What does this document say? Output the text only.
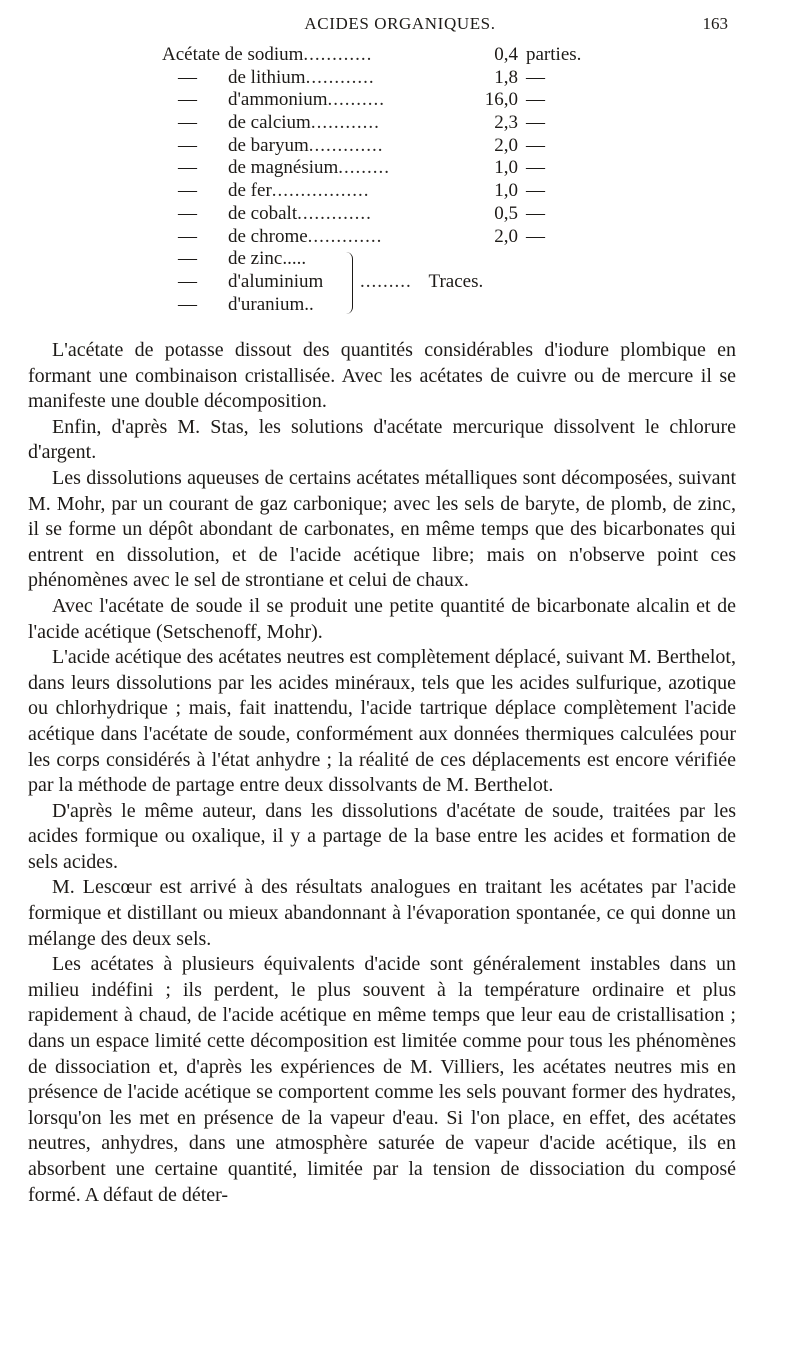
ACIDES ORGANIQUES.	163
Acétate de sodium............	0,4 parties.
— de lithium............	1,8 —
— d'ammonium..........	16,0 —
— de calcium............	2,3 —
— de baryum.............	2,0 —
— de magnésium.........	1,0 —
— de fer.................	1,0 —
— de cobalt.............	0,5 —
— de chrome.............	2,0 —
— de zinc.....
— d'aluminium
— d'uranium..
......... Traces.

L'acétate de potasse dissout des quantités considérables d'iodure plombique en formant une combinaison cristallisée. Avec les acétates de cuivre ou de mercure il se manifeste une double décomposition.

Enfin, d'après M. Stas, les solutions d'acétate mercurique dissolvent le chlorure d'argent.

Les dissolutions aqueuses de certains acétates métalliques sont décomposées, suivant M. Mohr, par un courant de gaz carbonique; avec les sels de baryte, de plomb, de zinc, il se forme un dépôt abondant de carbonates, en même temps que des bicarbonates qui entrent en dissolution, et de l'acide acétique libre; mais on n'observe point ces phénomènes avec le sel de strontiane et celui de chaux.

Avec l'acétate de soude il se produit une petite quantité de bicarbonate alcalin et de l'acide acétique (Setschenoff, Mohr).

L'acide acétique des acétates neutres est complètement déplacé, suivant M. Berthelot, dans leurs dissolutions par les acides minéraux, tels que les acides sulfurique, azotique ou chlorhydrique ; mais, fait inattendu, l'acide tartrique déplace complètement l'acide acétique dans l'acétate de soude, conformément aux données thermiques calculées pour les corps considérés à l'état anhydre ; la réalité de ces déplacements est encore vérifiée par la méthode de partage entre deux dissolvants de M. Berthelot.

D'après le même auteur, dans les dissolutions d'acétate de soude, traitées par les acides formique ou oxalique, il y a partage de la base entre les acides et formation de sels acides.

M. Lescœur est arrivé à des résultats analogues en traitant les acétates par l'acide formique et distillant ou mieux abandonnant à l'évaporation spontanée, ce qui donne un mélange des deux sels.

Les acétates à plusieurs équivalents d'acide sont généralement instables dans un milieu indéfini ; ils perdent, le plus souvent à la température ordinaire et plus rapidement à chaud, de l'acide acétique en même temps que leur eau de cristallisation ; dans un espace limité cette décomposition est limitée comme pour tous les phénomènes de dissociation et, d'après les expériences de M. Villiers, les acétates neutres mis en présence de l'acide acétique se comportent comme les sels pouvant former des hydrates, lorsqu'on les met en présence de la vapeur d'eau. Si l'on place, en effet, des acétates neutres, anhydres, dans une atmosphère saturée de vapeur d'acide acétique, ils en absorbent une certaine quantité, limitée par la tension de dissociation du composé formé. A défaut de déter-
